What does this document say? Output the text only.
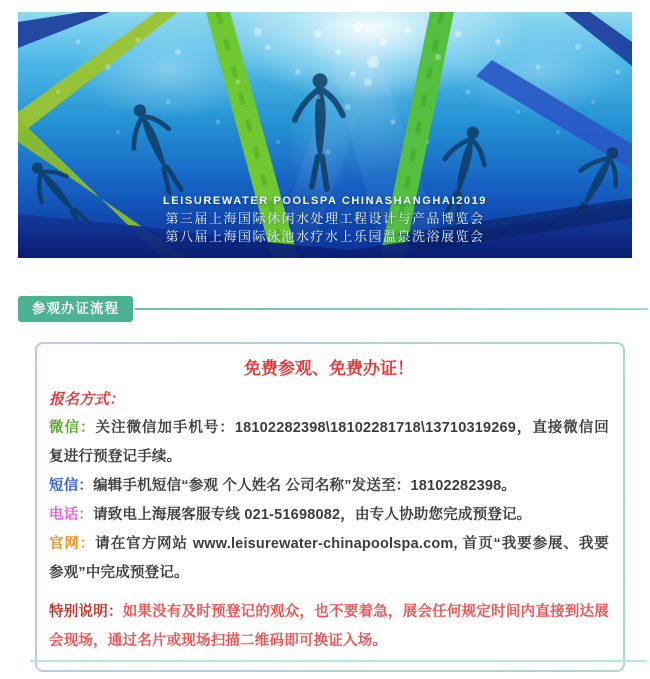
LEISUREWATER POOLSPA CHINASHANGHAI2019
第三届上海国际休闲水处理工程设计与产品博览会
第八届上海国际泳池水疗水上乐园温泉洗浴展览会
参观办证流程
免费参观、免费办证！
报名方式：

微信：关注微信加手机号：18102282398\18102281718\13710319269，直接微信回复进行预登记手续。

短信：编辑手机短信“参观 个人姓名 公司名称”发送至：18102282398。

电话：请致电上海展客服专线 021-51698082，由专人协助您完成预登记。

官网：请在官方网站 www.leisurewater-chinapoolspa.com, 首页“我要参展、我要参观”中完成预登记。

特别说明：如果没有及时预登记的观众，也不要着急，展会任何规定时间内直接到达展会现场，通过名片或现场扫描二维码即可换证入场。
